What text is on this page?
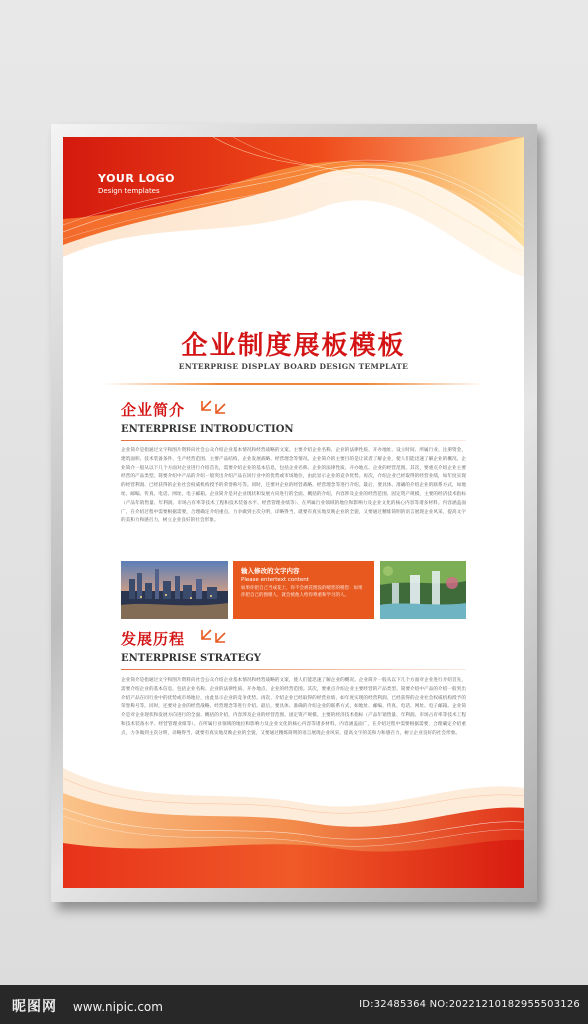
YOUR LOGO
Design templates
企业制度展板模板
ENTERPRISE DISPLAY BOARD DESIGN TEMPLATE
企业简介
ENTERPRISE INTRODUCTION
企业简介是指通过文字和图片资料向社会公众介绍企业基本情况和经营战略的文案。主要介绍企业名称、企业的法律性质、开办地址、设立时间、所属行业、注册资金、建筑面积、技术装备条件、生产经营范围、主要产品结构、企业发展战略、经营理念等情况。企业简介的主要目的是让读者了解企业，使人们能迅速了解企业的概况。企业简介一般从以下几个方面对企业进行介绍首先，需要介绍企业的基本信息，包括企业名称、企业的法律性质、开办地点、企业的经营范围。其次，要重点介绍企业主要经营的产品类型。简要介绍中产品的介绍一般突出介绍产品在同行业中的优势或市场地位，由此显示企业的竞争优势。再次，介绍企业已经取得的经营业绩，如年度实现的经营利润、已经获得的企业社会权威机构授予的荣誉称号等。同时，还要对企业的经营战略、经营理念等进行介绍。最后，要具体、准确的介绍企业的联系方式，如地址、邮编、传真、电话、网址、电子邮箱。企业简介是对企业现状和发展方向进行的全面、概括的介绍，内容涉及企业的经营范围、固定资产规模、主要的经济技术指标（产品年销售量、年利润、市场占有率等技术工程和技术装备水平、经营管理业绩等）、在所属行业领域的地位和影响力及企业文化的核心内容等诸多材料。内容涵盖面广，在介绍过程中需要根据需要，合理确定介绍重点，力争做到主次分明，详略得当，就要有真实地反映企业的全貌，又要通过精炼简明的语言展现企业风采，提高文字的美和力和感召力，树立企业良好的社会形象。
输入修改的文字内容
Please entertext content
如果你把自己当成花土，你不会被花埋没的嗳您的嗳您：如果你把自己的图嗳人，就会被他人给你尊重和学习的人。
发展历程
ENTERPRISE STRATEGY
企业简介是指通过文字和图片资料向社会公众介绍企业基本情况和经营战略的文案，使人们能迅速了解企业的概况。企业简介一般从以下几个方面对企业进行介绍首先，需要介绍企业的基本信息，包括企业名称、企业的法律性质、开办地点、企业的经营范围。其次，要重点介绍企业主要经营的产品类型。简要介绍中产品的介绍一般突出介绍产品在同行业中的优势或市场地位，由此显示企业的竞争优势。再次，介绍企业已经取得的经营业绩，如年度实现的经营利润、已经获得的企业社会权威机构授予的荣誉称号等。同时，还要对企业的经营战略、经营理念等进行介绍。最后，要具体、准确的介绍企业的联系方式，如地址、邮编、传真、电话、网址、电子邮箱。企业简介是对企业现状和发展方向进行的全面、概括的介绍，内容涉及企业的经营范围、固定资产规模、主要的经济技术指标（产品年销售量、年利润、市场占有率等技术工程和技术装备水平、经营管理业绩等）、在所属行业领域的地位和影响力及企业文化的核心内容等诸多材料。内容涵盖面广，在介绍过程中需要根据需要，合理确定介绍重点，力争做到主次分明，详略得当，就要有真实地反映企业的全貌，又要通过精炼简明的语言展现企业风采，提高文字的美和力和感召力，树立企业良好的社会形象。
昵图网 www.nipic.com	ID:32485364 NO:20221210182955503126
